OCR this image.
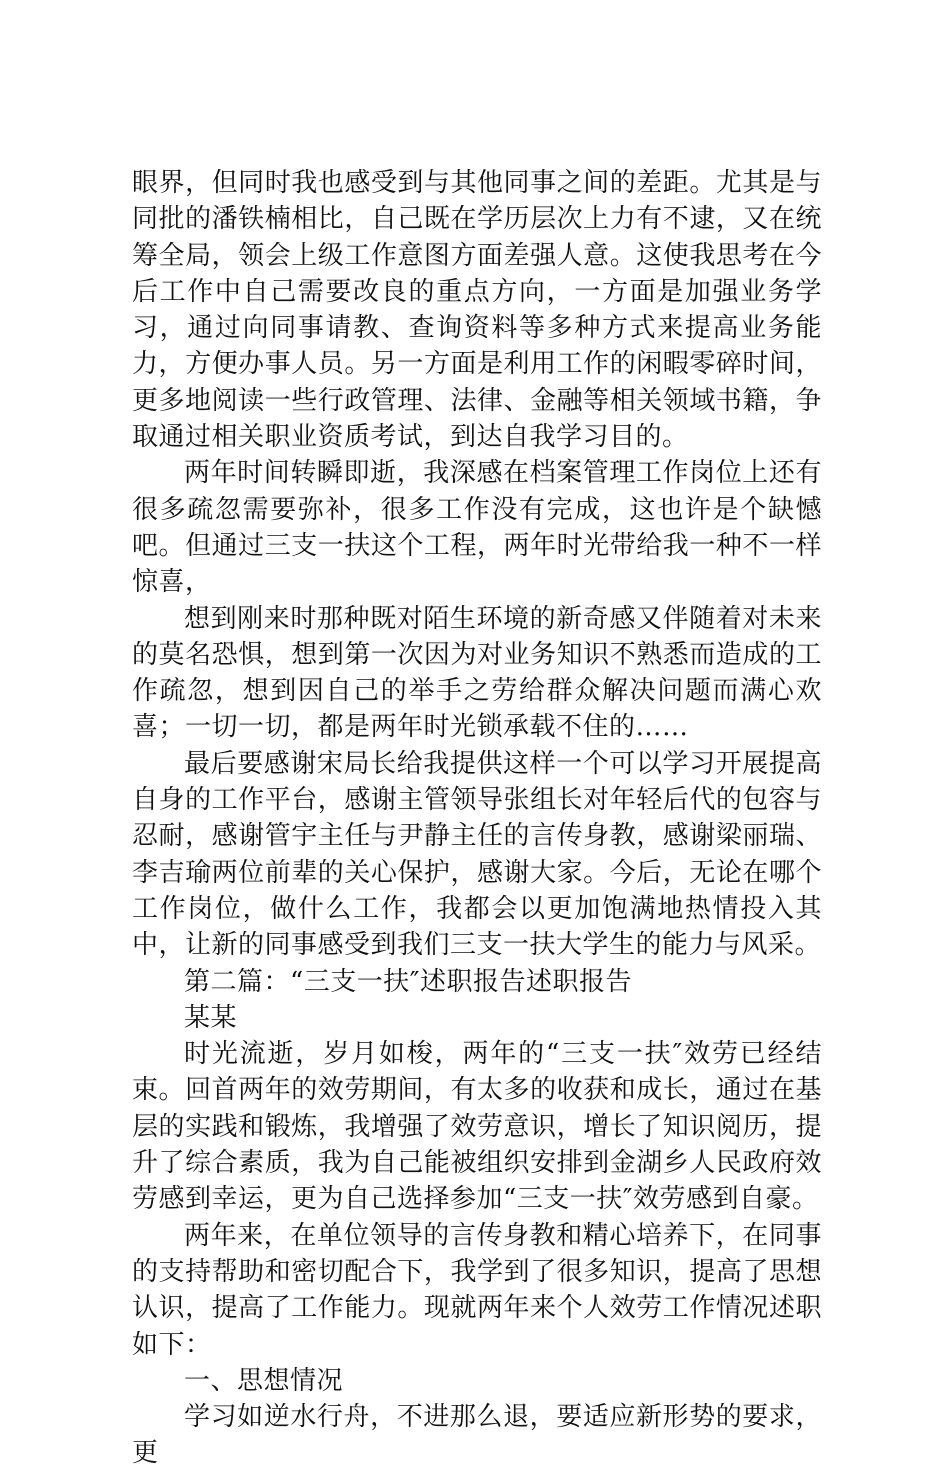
眼界，但同时我也感受到与其他同事之间的差距。尤其是与同批的潘铁楠相比，自己既在学历层次上力有不逮，又在统筹全局，领会上级工作意图方面差强人意。这使我思考在今后工作中自己需要改良的重点方向，一方面是加强业务学习，通过向同事请教、查询资料等多种方式来提高业务能力，方便办事人员。另一方面是利用工作的闲暇零碎时间，更多地阅读一些行政管理、法律、金融等相关领域书籍，争取通过相关职业资质考试，到达自我学习目的。

两年时间转瞬即逝，我深感在档案管理工作岗位上还有很多疏忽需要弥补，很多工作没有完成，这也许是个缺憾吧。但通过三支一扶这个工程，两年时光带给我一种不一样惊喜，

想到刚来时那种既对陌生环境的新奇感又伴随着对未来的莫名恐惧，想到第一次因为对业务知识不熟悉而造成的工作疏忽，想到因自己的举手之劳给群众解决问题而满心欢喜；一切一切，都是两年时光锁承载不住的……

最后要感谢宋局长给我提供这样一个可以学习开展提高自身的工作平台，感谢主管领导张组长对年轻后代的包容与忍耐，感谢管宇主任与尹静主任的言传身教，感谢梁丽瑞、李吉瑜两位前辈的关心保护，感谢大家。今后，无论在哪个工作岗位，做什么工作，我都会以更加饱满地热情投入其中，让新的同事感受到我们三支一扶大学生的能力与风采。

第二篇：“三支一扶″述职报告述职报告

某某

时光流逝，岁月如梭，两年的“三支一扶″效劳已经结束。回首两年的效劳期间，有太多的收获和成长，通过在基层的实践和锻炼，我增强了效劳意识，增长了知识阅历，提升了综合素质，我为自己能被组织安排到金湖乡人民政府效劳感到幸运，更为自己选择参加“三支一扶″效劳感到自豪。

两年来，在单位领导的言传身教和精心培养下，在同事的支持帮助和密切配合下，我学到了很多知识，提高了思想认识，提高了工作能力。现就两年来个人效劳工作情况述职如下：

一、思想情况

学习如逆水行舟，不进那么退，要适应新形势的要求，更
